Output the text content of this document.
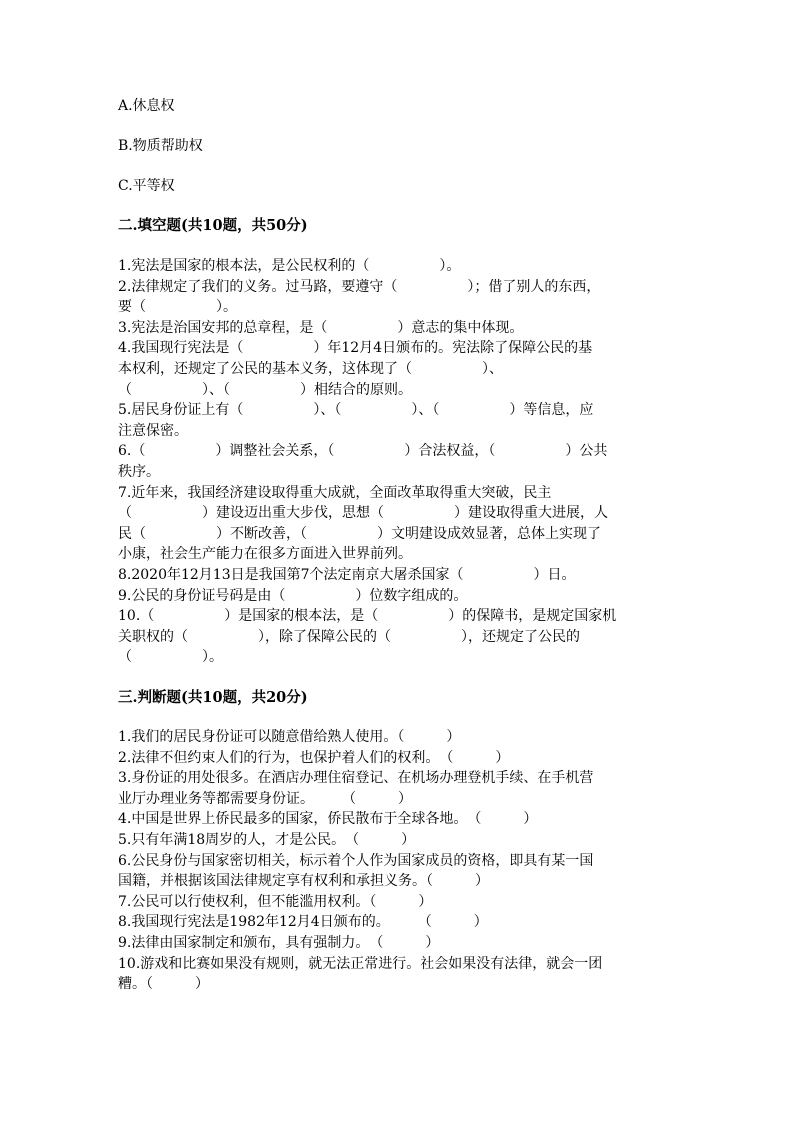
A.休息权
B.物质帮助权
C.平等权
二.填空题(共10题，共50分)
1.宪法是国家的根本法，是公民权利的（　　　　　）。
2.法律规定了我们的义务。过马路，要遵守（　　　　　）；借了别人的东西，
要（　　　　　）。
3.宪法是治国安邦的总章程，是（　　　　　）意志的集中体现。
4.我国现行宪法是（　　　　　）年12月4日颁布的。宪法除了保障公民的基
本权利，还规定了公民的基本义务，这体现了（　　　　　）、
（　　　　　）、（　　　　　）相结合的原则。
5.居民身份证上有（　　　　　）、（　　　　　）、（　　　　　）等信息，应
注意保密。
6.（　　　　　）调整社会关系，（　　　　　）合法权益，（　　　　　）公共
秩序。
7.近年来，我国经济建设取得重大成就，全面改革取得重大突破，民主
（　　　　　）建设迈出重大步伐，思想（　　　　　）建设取得重大进展，人
民（　　　　　）不断改善，（　　　　　）文明建设成效显著，总体上实现了
小康，社会生产能力在很多方面进入世界前列。
8.2020年12月13日是我国第7个法定南京大屠杀国家（　　　　　）日。
9.公民的身份证号码是由（　　　　　）位数字组成的。
10.（　　　　　）是国家的根本法，是（　　　　　）的保障书，是规定国家机
关职权的（　　　　　），除了保障公民的（　　　　　），还规定了公民的
（　　　　　）。
三.判断题(共10题，共20分)
1.我们的居民身份证可以随意借给熟人使用。（　　　）
2.法律不但约束人们的行为，也保护着人们的权利。　（　　　）
3.身份证的用处很多。在酒店办理住宿登记、在机场办理登机手续、在手机营
业厅办理业务等都需要身份证。　　　（　　　）
4.中国是世界上侨民最多的国家，侨民散布于全球各地。　（　　　）
5.只有年满18周岁的人，才是公民。　（　　　）
6.公民身份与国家密切相关，标示着个人作为国家成员的资格，即具有某一国
国籍，并根据该国法律规定享有权利和承担义务。（　　　）
7.公民可以行使权利，但不能滥用权利。（　　　）
8.我国现行宪法是1982年12月4日颁布的。　　　（　　　）
9.法律由国家制定和颁布，具有强制力。　（　　　）
10.游戏和比赛如果没有规则，就无法正常进行。社会如果没有法律，就会一团
糟。（　　　）
